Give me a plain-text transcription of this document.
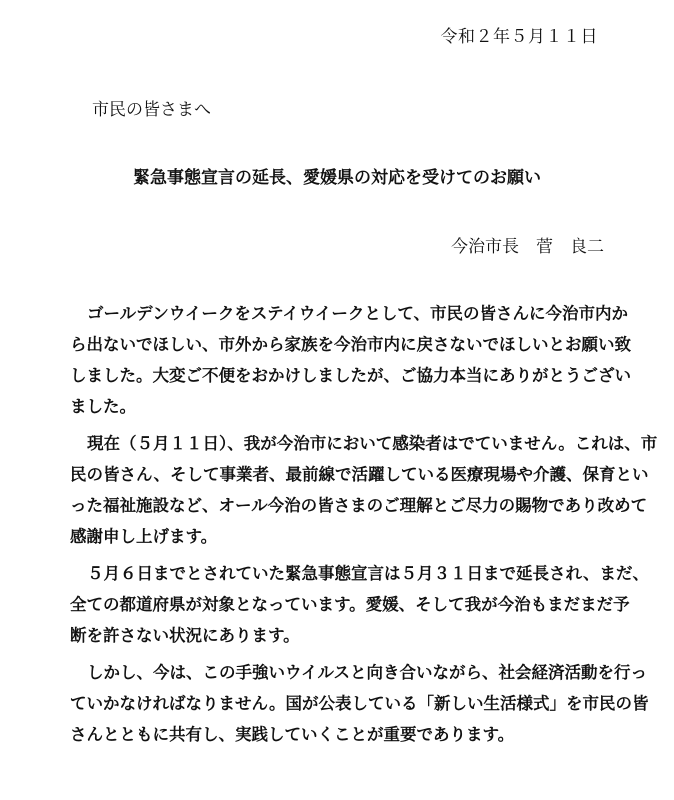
令和２年５月１１日
市民の皆さまへ
緊急事態宣言の延長、愛媛県の対応を受けてのお願い
今治市長　菅　良二
ゴールデンウイークをステイウイークとして、市民の皆さんに今治市内か
ら出ないでほしい、市外から家族を今治市内に戻さないでほしいとお願い致
しました。大変ご不便をおかけしましたが、ご協力本当にありがとうござい
ました。
現在（５月１１日）、我が今治市において感染者はでていません。これは、市
民の皆さん、そして事業者、最前線で活躍している医療現場や介護、保育とい
った福祉施設など、オール今治の皆さまのご理解とご尽力の賜物であり改めて
感謝申し上げます。
５月６日までとされていた緊急事態宣言は５月３１日まで延長され、まだ、
全ての都道府県が対象となっています。愛媛、そして我が今治もまだまだ予
断を許さない状況にあります。
しかし、今は、この手強いウイルスと向き合いながら、社会経済活動を行っ
ていかなければなりません。国が公表している「新しい生活様式」を市民の皆
さんとともに共有し、実践していくことが重要であります。
